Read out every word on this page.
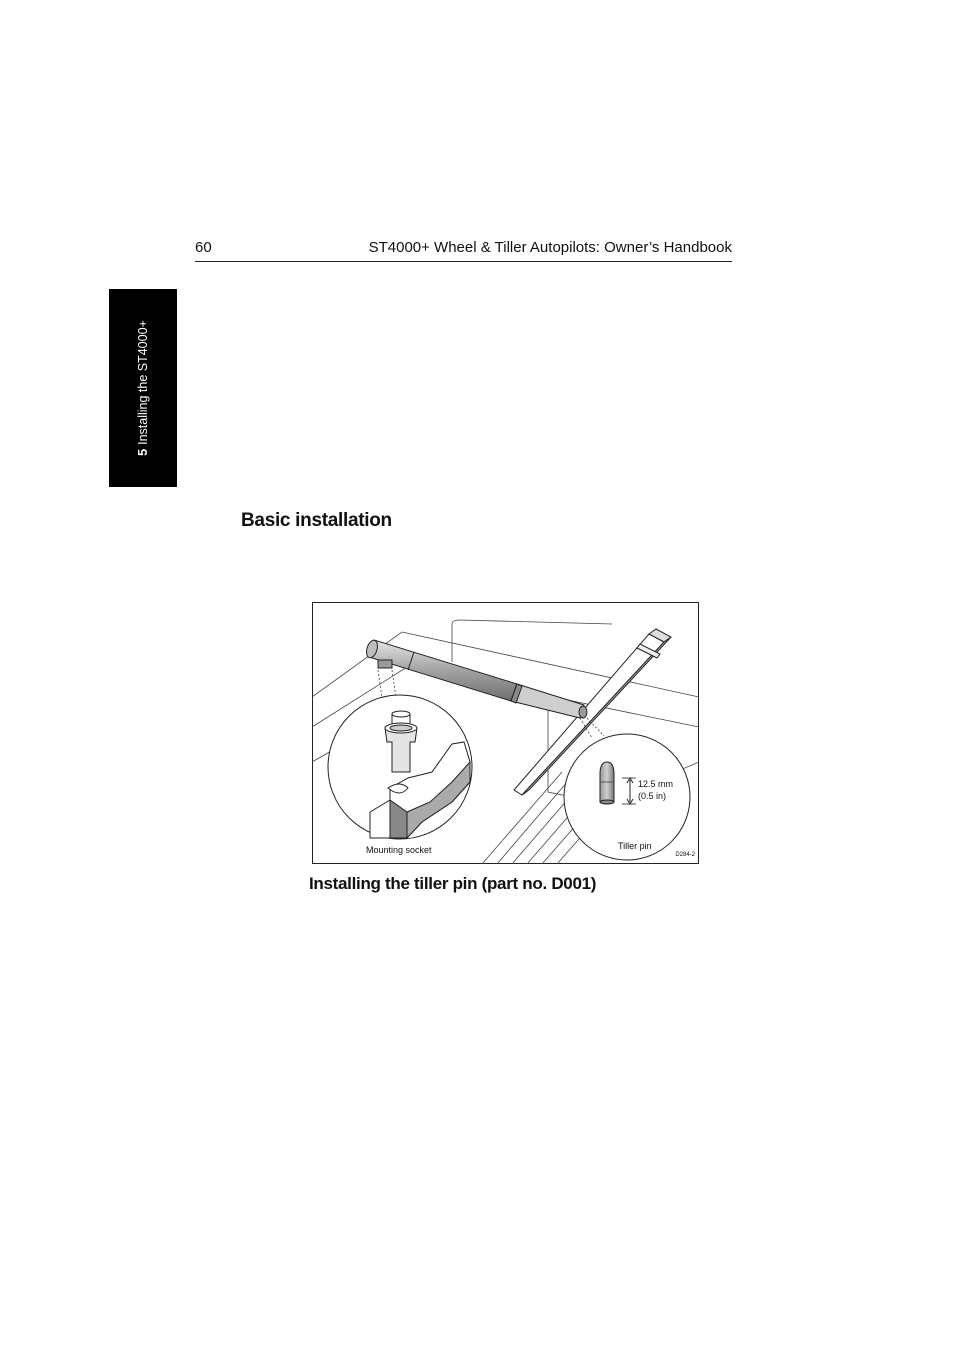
60	ST4000+ Wheel & Tiller Autopilots: Owner’s Handbook
5Installing the ST4000+
Basic installation
12.5 mm
(0.5 in)
Mounting socket	Tiller pin
D284-2
Installing the tiller pin (part no. D001)
